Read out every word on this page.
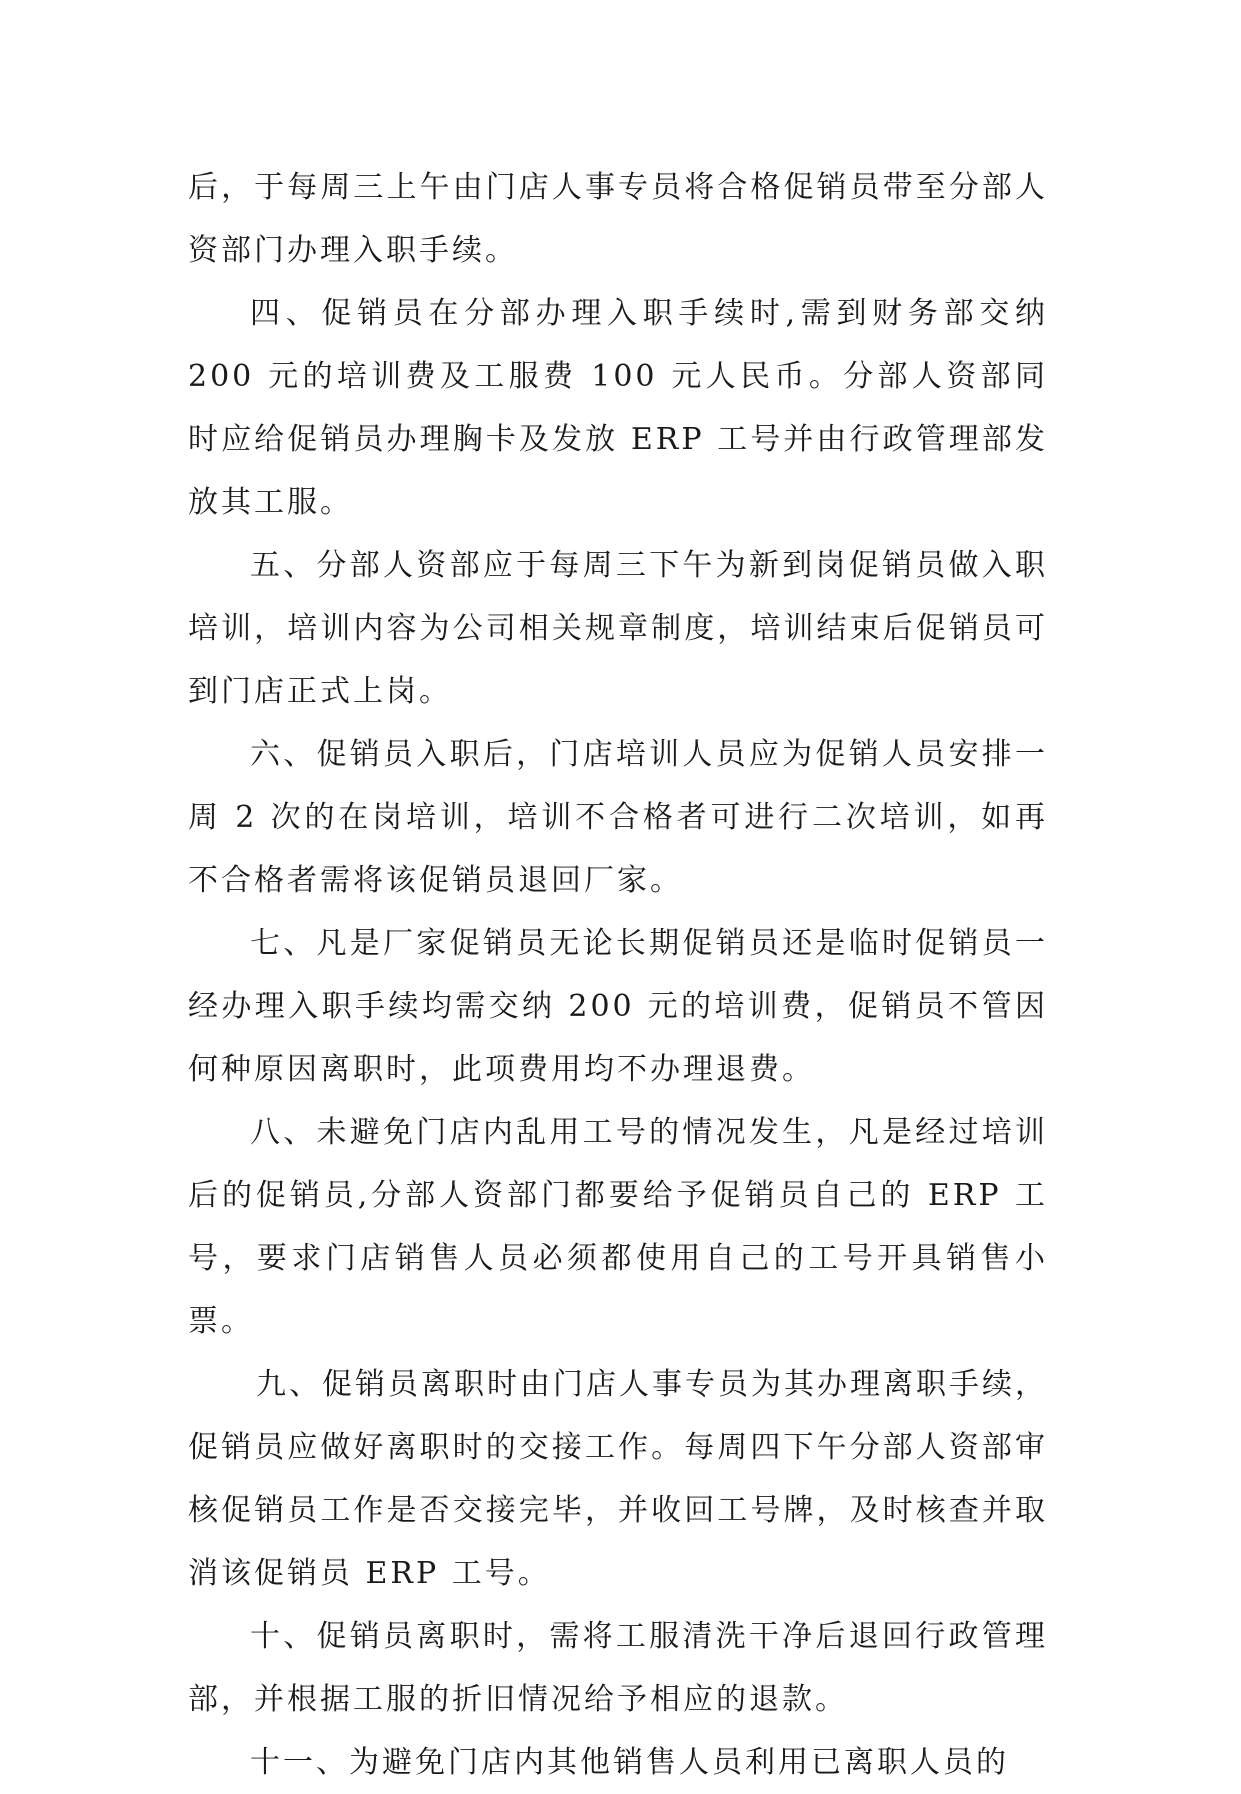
后，于每周三上午由门店人事专员将合格促销员带至分部人资部门办理入职手续。

四、促销员在分部办理入职手续时,需到财务部交纳 200 元的培训费及工服费 100 元人民币。分部人资部同时应给促销员办理胸卡及发放 ERP 工号并由行政管理部发放其工服。

五、分部人资部应于每周三下午为新到岗促销员做入职培训，培训内容为公司相关规章制度，培训结束后促销员可到门店正式上岗。

六、促销员入职后，门店培训人员应为促销人员安排一周 2 次的在岗培训，培训不合格者可进行二次培训，如再不合格者需将该促销员退回厂家。

七、凡是厂家促销员无论长期促销员还是临时促销员一经办理入职手续均需交纳 200 元的培训费，促销员不管因何种原因离职时，此项费用均不办理退费。

八、未避免门店内乱用工号的情况发生，凡是经过培训后的促销员,分部人资部门都要给予促销员自己的 ERP 工号，要求门店销售人员必须都使用自己的工号开具销售小票。

九、促销员离职时由门店人事专员为其办理离职手续，促销员应做好离职时的交接工作。每周四下午分部人资部审核促销员工作是否交接完毕，并收回工号牌，及时核查并取消该促销员 ERP 工号。

十、促销员离职时，需将工服清洗干净后退回行政管理部，并根据工服的折旧情况给予相应的退款。

十一、为避免门店内其他销售人员利用已离职人员的
